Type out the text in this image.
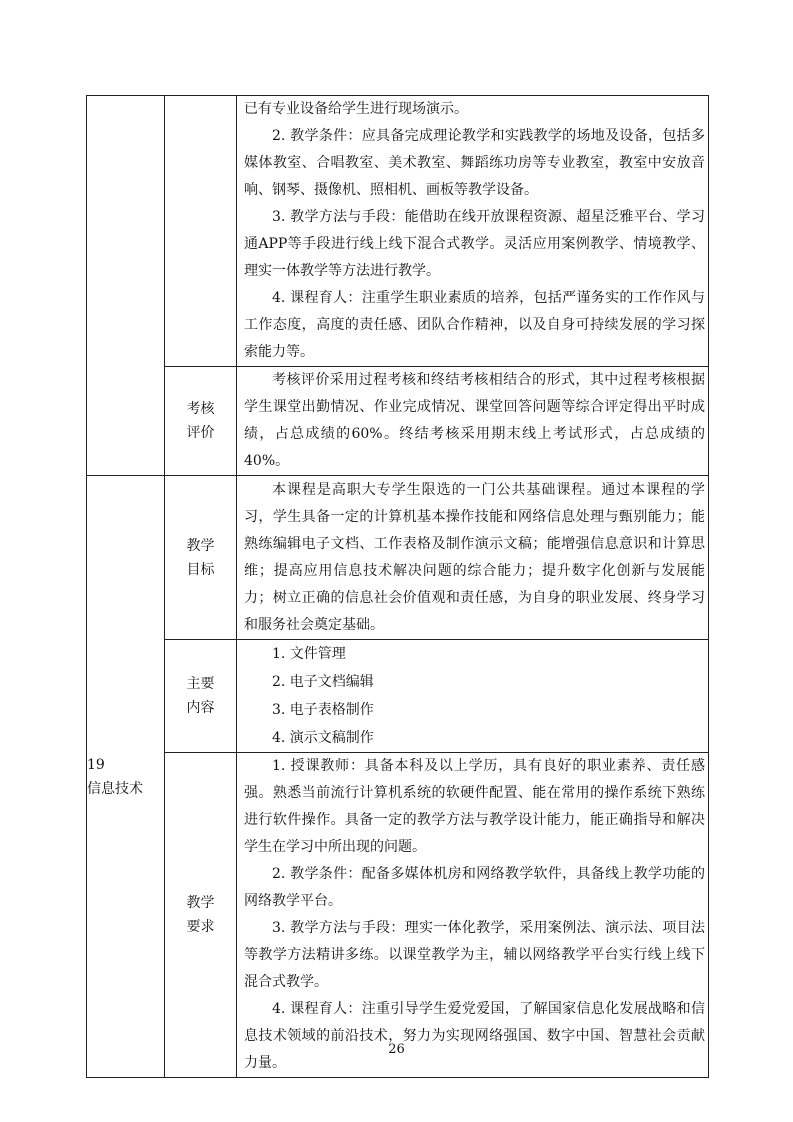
		已有专业设备给学生进行现场演示。

2. 教学条件：应具备完成理论教学和实践教学的场地及设备，包括多媒体教室、合唱教室、美术教室、舞蹈练功房等专业教室，教室中安放音响、钢琴、摄像机、照相机、画板等教学设备。

3. 教学方法与手段：能借助在线开放课程资源、超星泛雅平台、学习通APP等手段进行线上线下混合式教学。灵活应用案例教学、情境教学、理实一体教学等方法进行教学。

4. 课程育人：注重学生职业素质的培养，包括严谨务实的工作作风与工作态度，高度的责任感、团队合作精神，以及自身可持续发展的学习探索能力等。

	考核评价	考核评价采用过程考核和终结考核相结合的形式，其中过程考核根据学生课堂出勤情况、作业完成情况、课堂回答问题等综合评定得出平时成绩，占总成绩的60%。终结考核采用期末线上考试形式，占总成绩的40%。

19
信息技术	教学目标	本课程是高职大专学生限选的一门公共基础课程。通过本课程的学习，学生具备一定的计算机基本操作技能和网络信息处理与甄别能力；能熟练编辑电子文档、工作表格及制作演示文稿；能增强信息意识和计算思维；提高应用信息技术解决问题的综合能力；提升数字化创新与发展能力；树立正确的信息社会价值观和责任感，为自身的职业发展、终身学习和服务社会奠定基础。

	主要内容	1. 文件管理
2. 电子文档编辑
3. 电子表格制作
4. 演示文稿制作

	教学要求	1. 授课教师：具备本科及以上学历，具有良好的职业素养、责任感强。熟悉当前流行计算机系统的软硬件配置、能在常用的操作系统下熟练进行软件操作。具备一定的教学方法与教学设计能力，能正确指导和解决学生在学习中所出现的问题。

2. 教学条件：配备多媒体机房和网络教学软件，具备线上教学功能的网络教学平台。

3. 教学方法与手段：理实一体化教学，采用案例法、演示法、项目法等教学方法精讲多练。以课堂教学为主，辅以网络教学平台实行线上线下混合式教学。

4. 课程育人：注重引导学生爱党爱国，了解国家信息化发展战略和信息技术领域的前沿技术，努力为实现网络强国、数字中国、智慧社会贡献力量。

26
